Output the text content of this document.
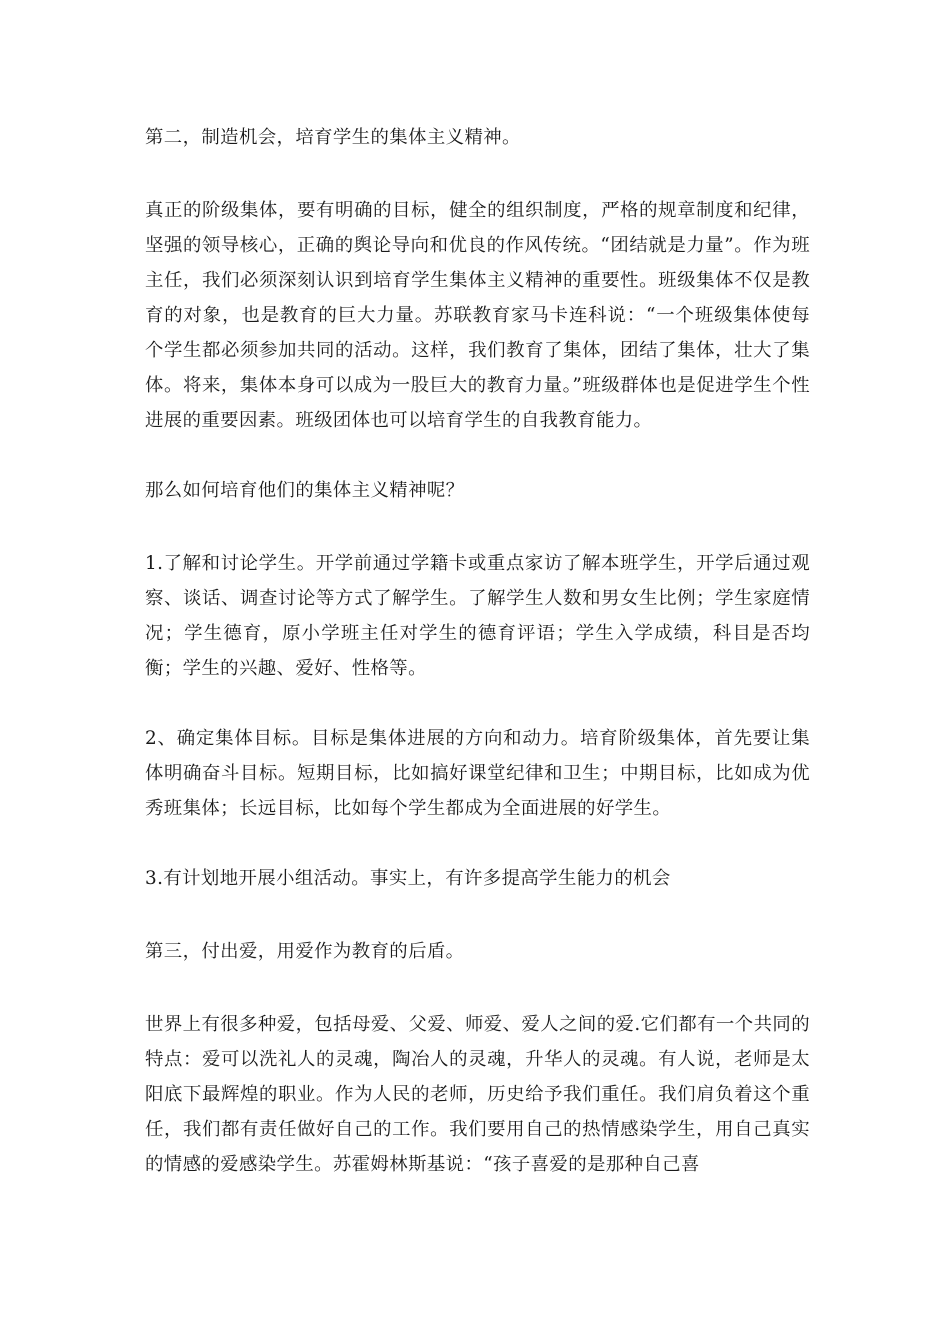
第二，制造机会，培育学生的集体主义精神。

真正的阶级集体，要有明确的目标，健全的组织制度，严格的规章制度和纪律，坚强的领导核心，正确的舆论导向和优良的作风传统。“团结就是力量”。作为班主任，我们必须深刻认识到培育学生集体主义精神的重要性。班级集体不仅是教育的对象，也是教育的巨大力量。苏联教育家马卡连科说：“一个班级集体使每个学生都必须参加共同的活动。这样，我们教育了集体，团结了集体，壮大了集体。将来，集体本身可以成为一股巨大的教育力量。”班级群体也是促进学生个性进展的重要因素。班级团体也可以培育学生的自我教育能力。

那么如何培育他们的集体主义精神呢？

1.了解和讨论学生。开学前通过学籍卡或重点家访了解本班学生，开学后通过观察、谈话、调查讨论等方式了解学生。了解学生人数和男女生比例；学生家庭情况；学生德育，原小学班主任对学生的德育评语；学生入学成绩，科目是否均衡；学生的兴趣、爱好、性格等。

2、确定集体目标。目标是集体进展的方向和动力。培育阶级集体，首先要让集体明确奋斗目标。短期目标，比如搞好课堂纪律和卫生；中期目标，比如成为优秀班集体；长远目标，比如每个学生都成为全面进展的好学生。

3.有计划地开展小组活动。事实上，有许多提高学生能力的机会

第三，付出爱，用爱作为教育的后盾。

世界上有很多种爱，包括母爱、父爱、师爱、爱人之间的爱.它们都有一个共同的特点：爱可以洗礼人的灵魂，陶冶人的灵魂，升华人的灵魂。有人说，老师是太阳底下最辉煌的职业。作为人民的老师，历史给予我们重任。我们肩负着这个重任，我们都有责任做好自己的工作。我们要用自己的热情感染学生，用自己真实的情感的爱感染学生。苏霍姆林斯基说：“孩子喜爱的是那种自己喜
